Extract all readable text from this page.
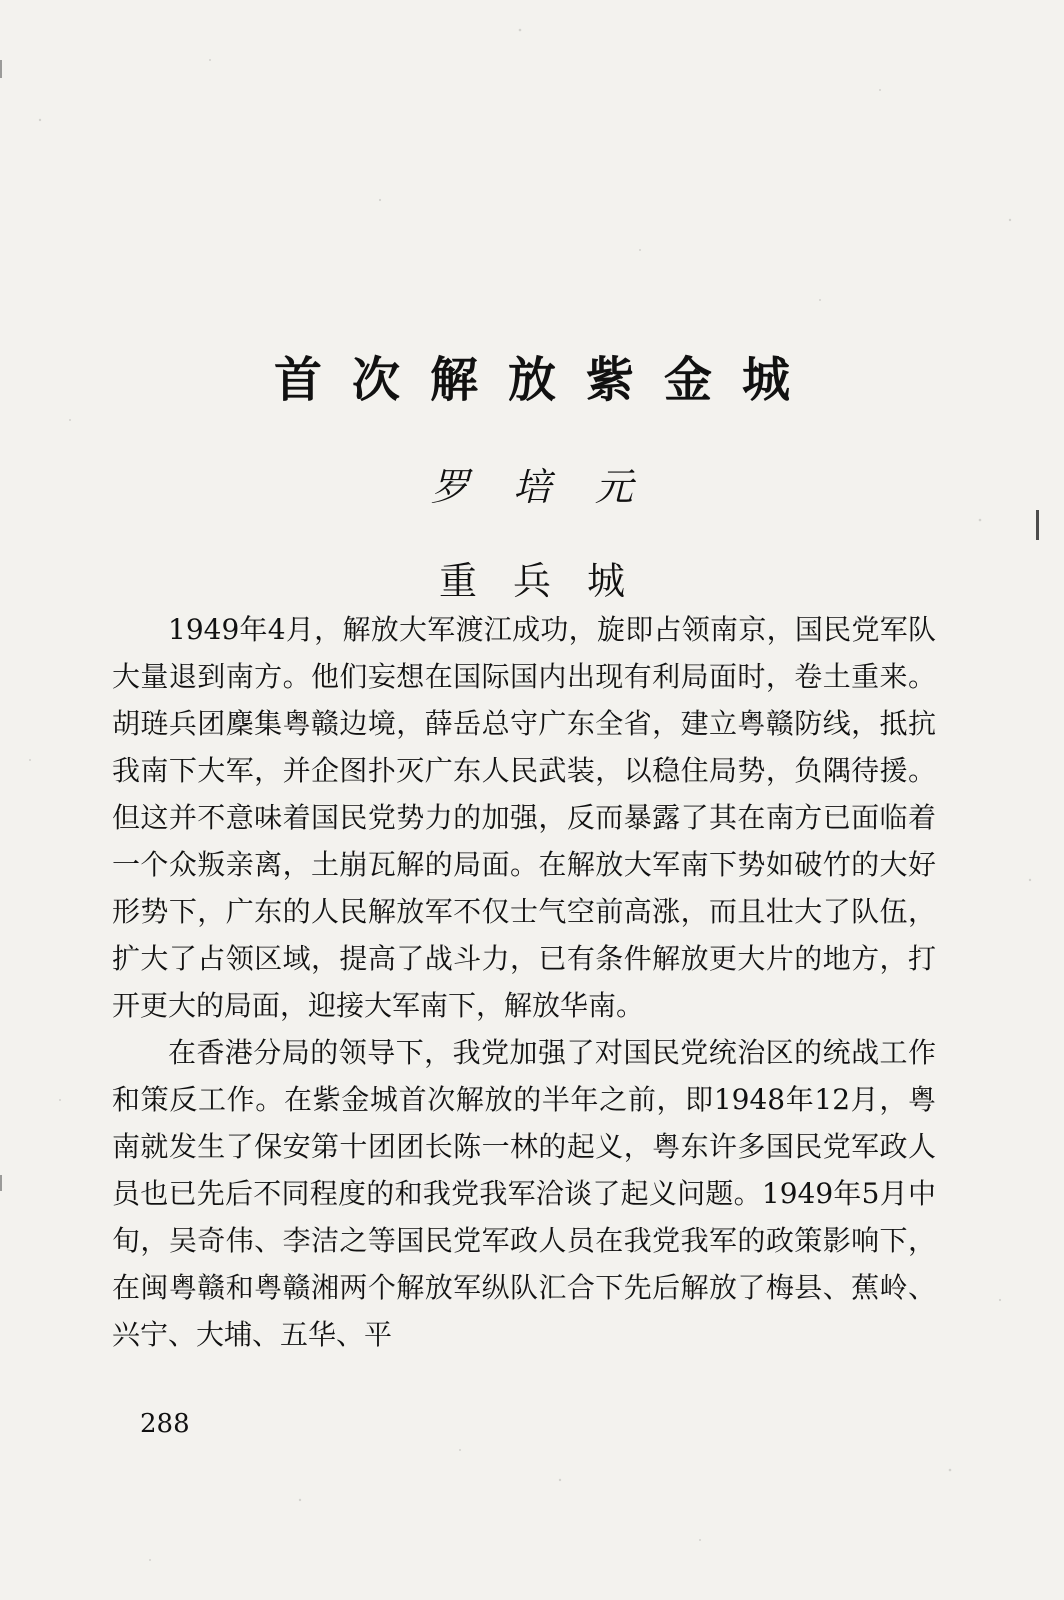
首次解放紫金城
罗培元
重兵城

1949年4月，解放大军渡江成功，旋即占领南京，国民党军队大量退到南方。他们妄想在国际国内出现有利局面时，卷土重来。胡琏兵团麇集粤赣边境，薛岳总守广东全省，建立粤赣防线，抵抗我南下大军，并企图扑灭广东人民武装，以稳住局势，负隅待援。但这并不意味着国民党势力的加强，反而暴露了其在南方已面临着一个众叛亲离，土崩瓦解的局面。在解放大军南下势如破竹的大好形势下，广东的人民解放军不仅士气空前高涨，而且壮大了队伍，扩大了占领区域，提高了战斗力，已有条件解放更大片的地方，打开更大的局面，迎接大军南下，解放华南。

在香港分局的领导下，我党加强了对国民党统治区的统战工作和策反工作。在紫金城首次解放的半年之前，即1948年12月，粤南就发生了保安第十团团长陈一林的起义，粤东许多国民党军政人员也已先后不同程度的和我党我军洽谈了起义问题。1949年5月中旬，吴奇伟、李洁之等国民党军政人员在我党我军的政策影响下，在闽粤赣和粤赣湘两个解放军纵队汇合下先后解放了梅县、蕉岭、兴宁、大埔、五华、平

288
